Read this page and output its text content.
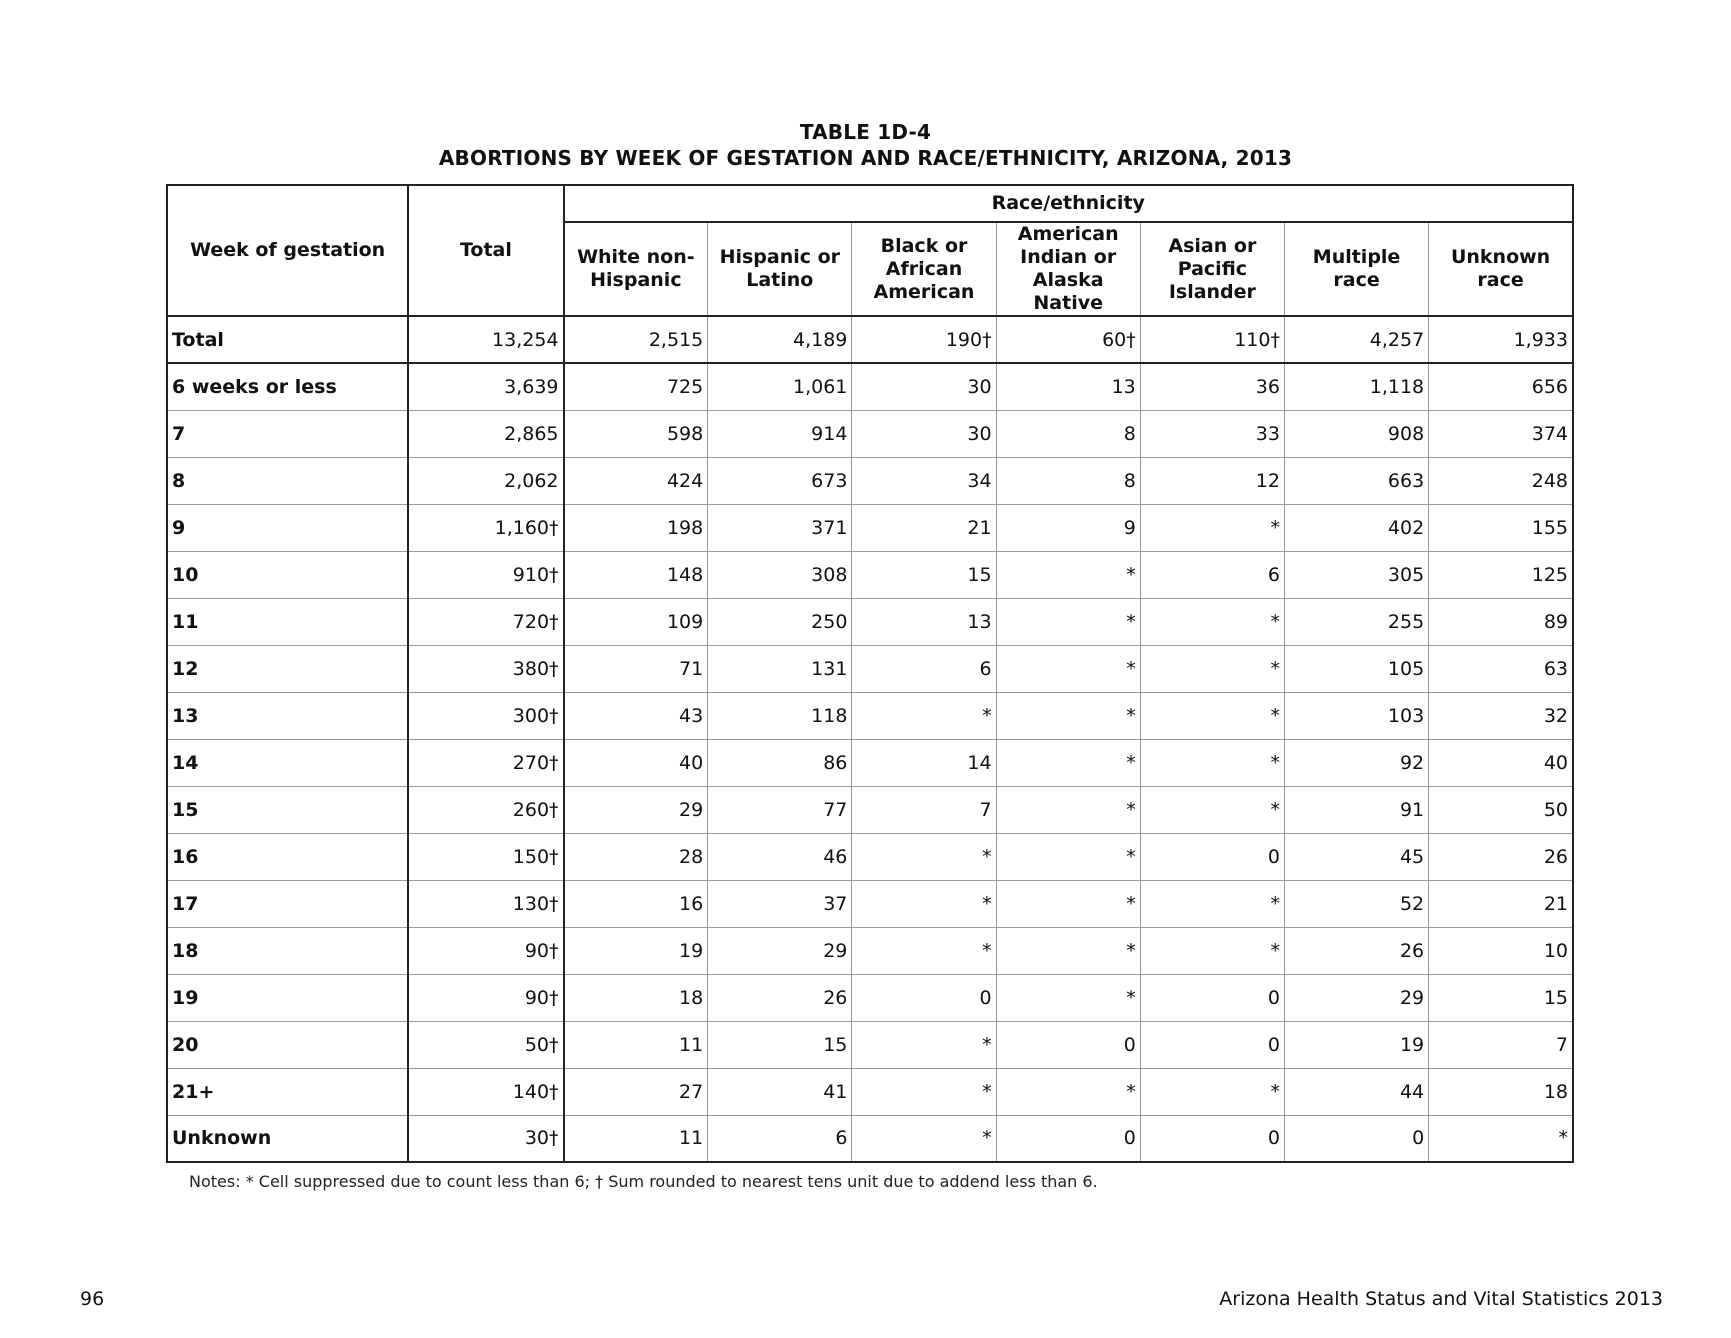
TABLE 1D-4
ABORTIONS BY WEEK OF GESTATION AND RACE/ETHNICITY, ARIZONA, 2013
Week of gestation	Total	Race/ethnicity						
		White non-Hispanic	Hispanic or Latino	Black or African American	American Indian or Alaska Native	Asian or Pacific Islander	Multiple race	Unknown race
Total	13,254	2,515	4,189	190†	60†	110†	4,257	1,933
6 weeks or less	3,639	725	1,061	30	13	36	1,118	656
7	2,865	598	914	30	8	33	908	374
8	2,062	424	673	34	8	12	663	248
9	1,160†	198	371	21	9	*	402	155
10	910†	148	308	15	*	6	305	125
11	720†	109	250	13	*	*	255	89
12	380†	71	131	6	*	*	105	63
13	300†	43	118	*	*	*	103	32
14	270†	40	86	14	*	*	92	40
15	260†	29	77	7	*	*	91	50
16	150†	28	46	*	*	0	45	26
17	130†	16	37	*	*	*	52	21
18	90†	19	29	*	*	*	26	10
19	90†	18	26	0	*	0	29	15
20	50†	11	15	*	0	0	19	7
21+	140†	27	41	*	*	*	44	18
Unknown	30†	11	6	*	0	0	0	*
Notes: * Cell suppressed due to count less than 6; † Sum rounded to nearest tens unit due to addend less than 6.
96	Arizona Health Status and Vital Statistics 2013
